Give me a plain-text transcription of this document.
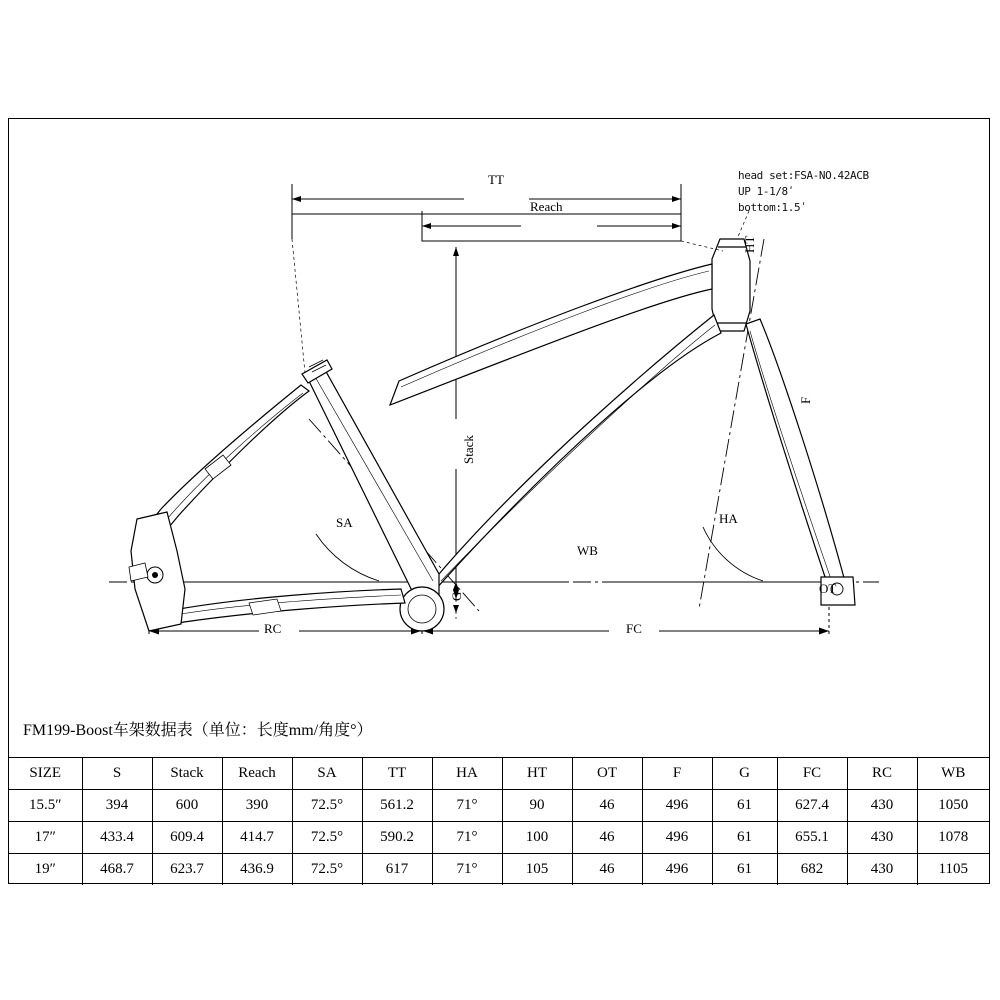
TT
Reach
Stack
HT
F
HA
SA
WB
G
OT
RC	FC
head set:FSA-NO.42ACB
UP 1-1/8ʹ
bottom:1.5ʹ
FM199-Boost车架数据表（单位：长度mm/角度°）
SIZE	S	Stack	Reach	SA	TT	HA	HT	OT	F	G	FC	RC	WB
15.5″	394	600	390	72.5°	561.2	71°	90	46	496	61	627.4	430	1050
17″	433.4	609.4	414.7	72.5°	590.2	71°	100	46	496	61	655.1	430	1078
19″	468.7	623.7	436.9	72.5°	617	71°	105	46	496	61	682	430	1105
